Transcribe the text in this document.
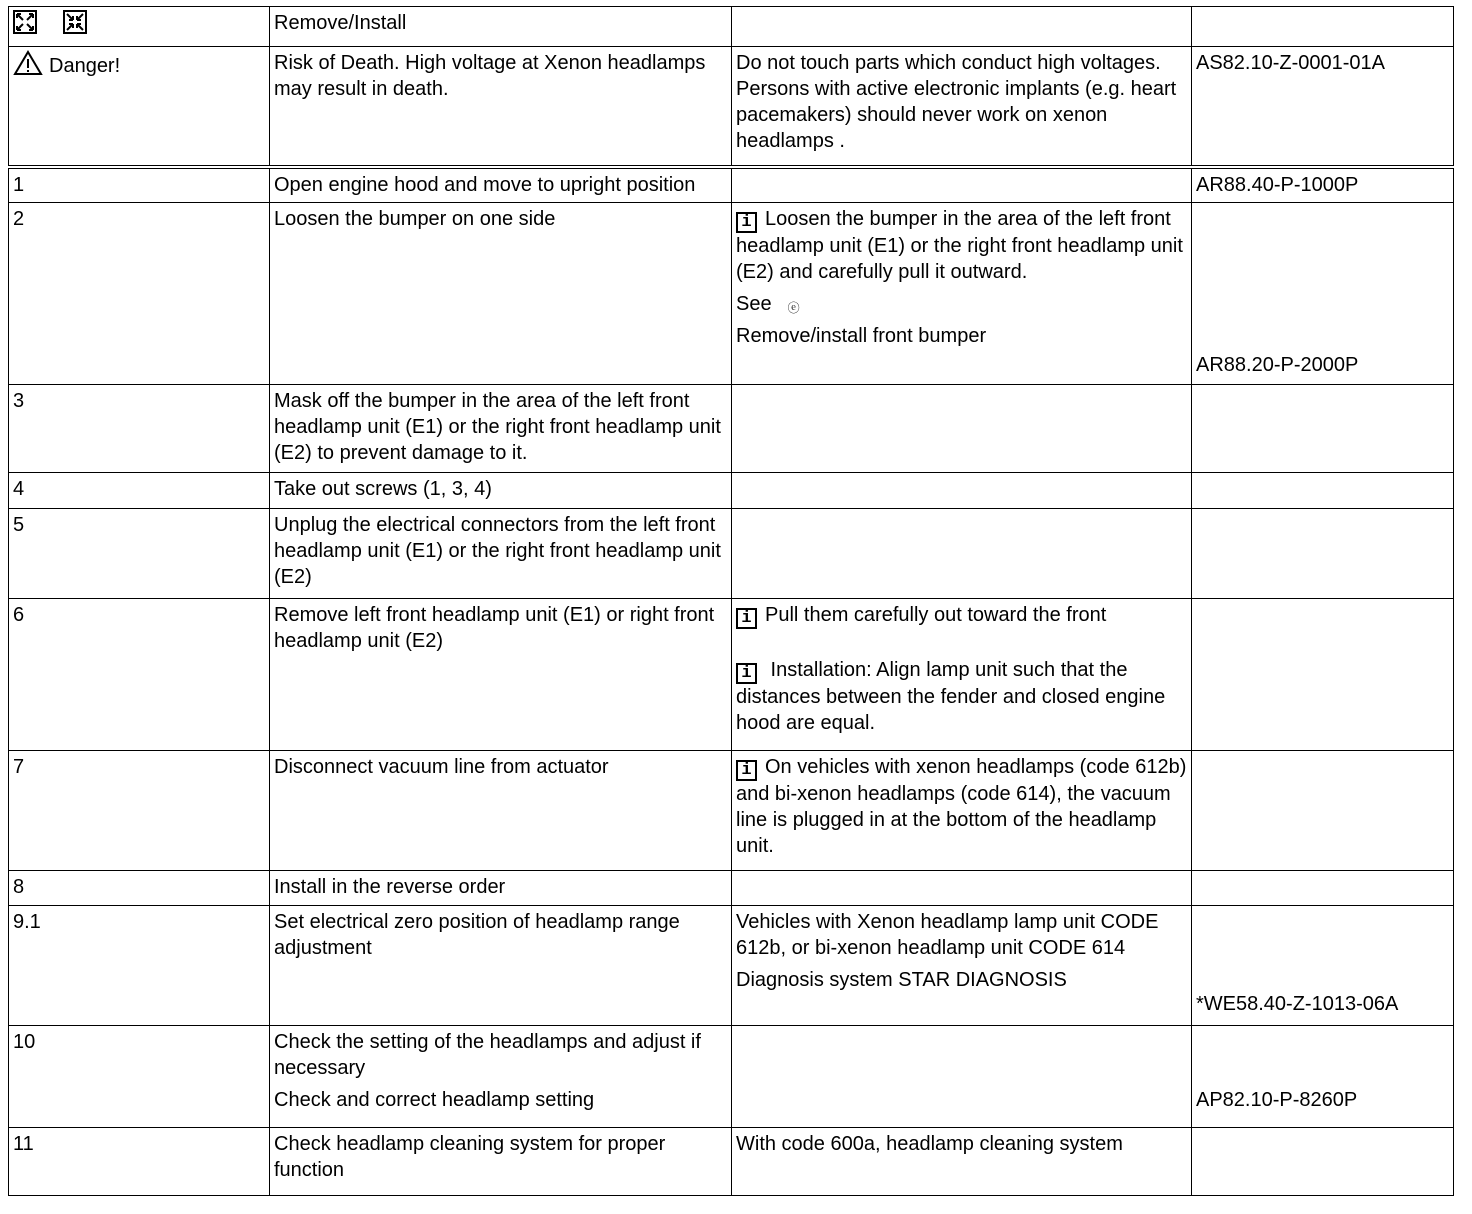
	Remove/Install		
Danger!	Risk of Death. High voltage at Xenon headlamps may result in death.	Do not touch parts which conduct high voltages. Persons with active electronic implants (e.g. heart pacemakers) should never work on xenon headlamps .	AS82.10-Z-0001-01A
1	Open engine hood and move to upright position		AR88.40-P-1000P
2	Loosen the bumper on one side	i Loosen the bumper in the area of the left front headlamp unit (E1) or the right front headlamp unit (E2) and carefully pull it outward.
See ⓔ
Remove/install front bumper	AR88.20-P-2000P
3	Mask off the bumper in the area of the left front headlamp unit (E1) or the right front headlamp unit (E2) to prevent damage to it.		
4	Take out screws (1, 3, 4)		
5	Unplug the electrical connectors from the left front headlamp unit (E1) or the right front headlamp unit (E2)		
6	Remove left front headlamp unit (E1) or right front headlamp unit (E2)	i Pull them carefully out toward the front
i Installation: Align lamp unit such that the distances between the fender and closed engine hood are equal.	

7	Disconnect vacuum line from actuator	i On vehicles with xenon headlamps (code 612b) and bi-xenon headlamps (code 614), the vacuum line is plugged in at the bottom of the headlamp unit.	

8	Install in the reverse order		
9.1	Set electrical zero position of headlamp range adjustment	Vehicles with Xenon headlamp lamp unit CODE 612b, or bi-xenon headlamp unit CODE 614
Diagnosis system STAR DIAGNOSIS	*WE58.40-Z-1013-06A
10	Check the setting of the headlamps and adjust if necessary
Check and correct headlamp setting		AP82.10-P-8260P
11	Check headlamp cleaning system for proper function	With code 600a, headlamp cleaning system	
